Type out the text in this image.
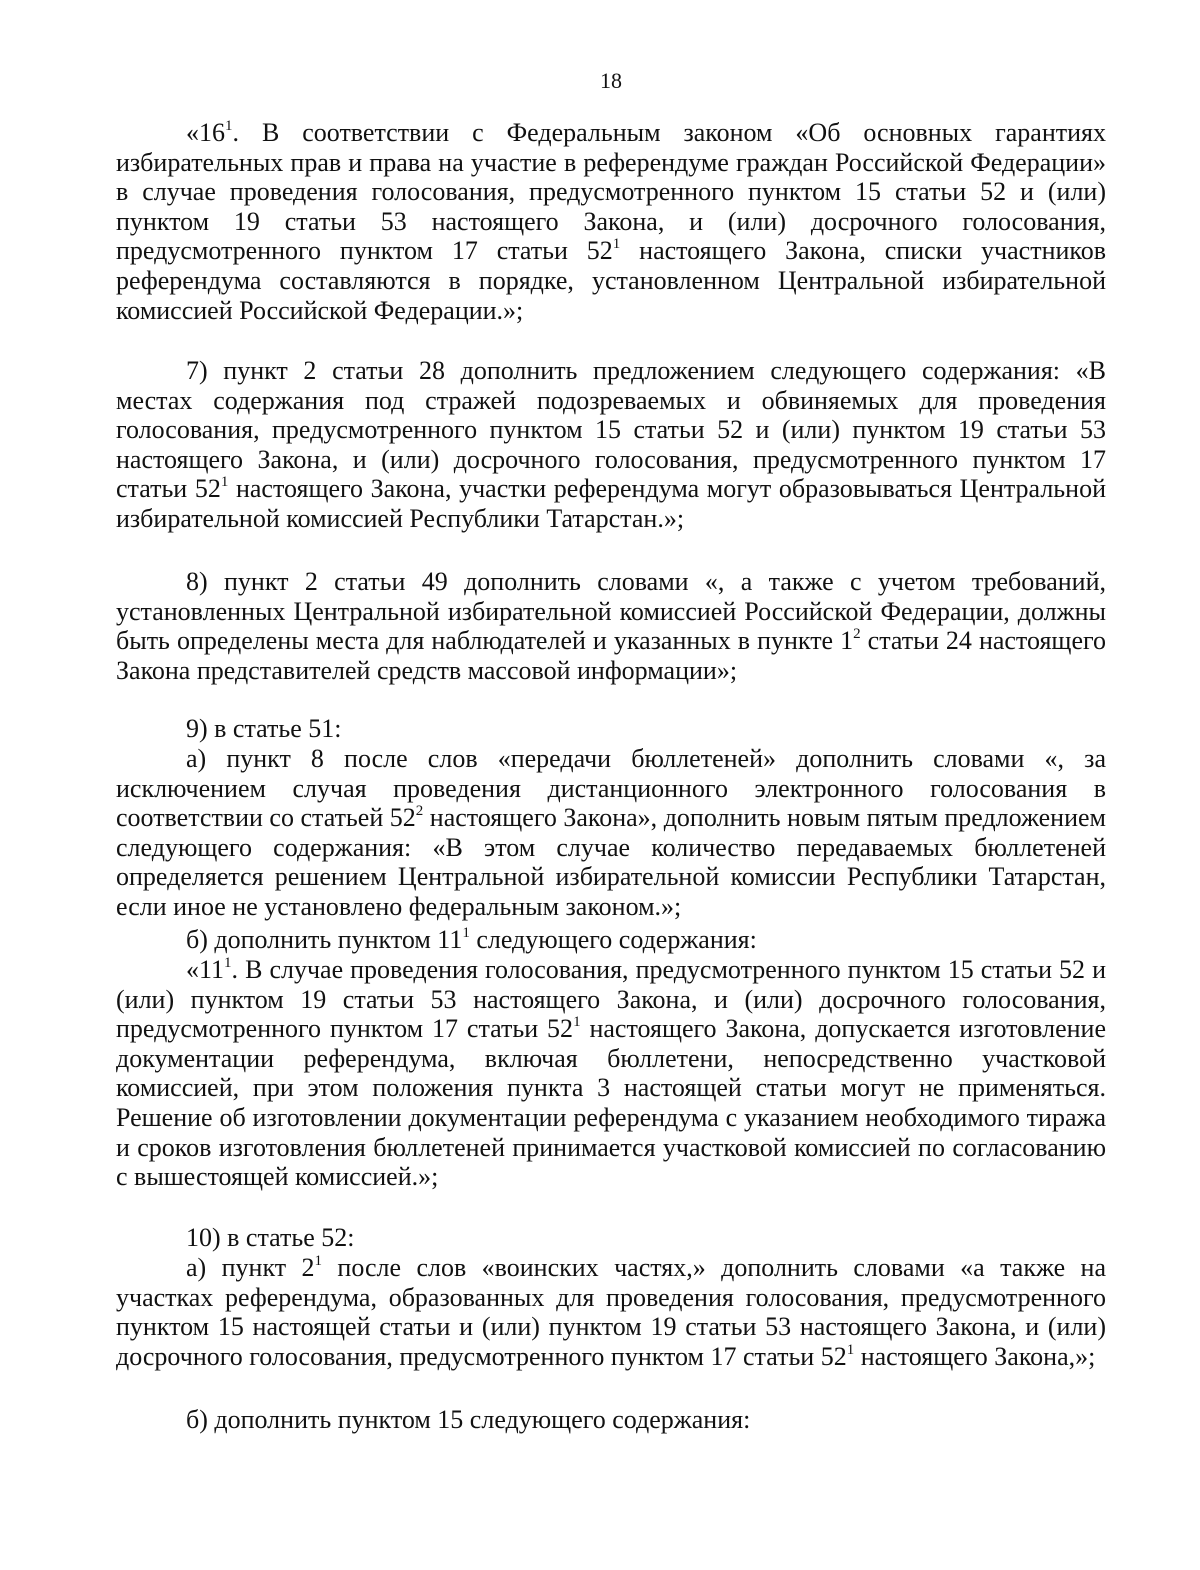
18

«$16^1$. В соответствии с Федеральным законом «Об основных гарантиях избирательных прав и права на участие в референдуме граждан Российской Федерации» в случае проведения голосования, предусмотренного пунктом 15 статьи 52 и (или) пунктом 19 статьи 53 настоящего Закона, и (или) досрочного голосования, предусмотренного пунктом 17 статьи $52^1$ настоящего Закона, списки участников референдума составляются в порядке, установленном Центральной избирательной комиссией Российской Федерации.»;

7) пункт 2 статьи 28 дополнить предложением следующего содержания: «В местах содержания под стражей подозреваемых и обвиняемых для проведения голосования, предусмотренного пунктом 15 статьи 52 и (или) пунктом 19 статьи 53 настоящего Закона, и (или) досрочного голосования, предусмотренного пунктом 17 статьи $52^1$ настоящего Закона, участки референдума могут образовываться Центральной избирательной комиссией Республики Татарстан.»;

8) пункт 2 статьи 49 дополнить словами «, а также с учетом требований, установленных Центральной избирательной комиссией Российской Федерации, должны быть определены места для наблюдателей и указанных в пункте $1^2$ статьи 24 настоящего Закона представителей средств массовой информации»;

9) в статье 51:

а) пункт 8 после слов «передачи бюллетеней» дополнить словами «, за исключением случая проведения дистанционного электронного голосования в соответствии со статьей $52^2$ настоящего Закона», дополнить новым пятым предложением следующего содержания: «В этом случае количество передаваемых бюллетеней определяется решением Центральной избирательной комиссии Республики Татарстан, если иное не установлено федеральным законом.»;

б) дополнить пунктом $11^1$ следующего содержания:

«$11^1$. В случае проведения голосования, предусмотренного пунктом 15 статьи 52 и (или) пунктом 19 статьи 53 настоящего Закона, и (или) досрочного голосования, предусмотренного пунктом 17 статьи $52^1$ настоящего Закона, допускается изготовление документации референдума, включая бюллетени, непосредственно участковой комиссией, при этом положения пункта 3 настоящей статьи могут не применяться. Решение об изготовлении документации референдума с указанием необходимого тиража и сроков изготовления бюллетеней принимается участковой комиссией по согласованию с вышестоящей комиссией.»;

10) в статье 52:

а) пункт $2^1$ после слов «воинских частях,» дополнить словами «а также на участках референдума, образованных для проведения голосования, предусмотренного пунктом 15 настоящей статьи и (или) пунктом 19 статьи 53 настоящего Закона, и (или) досрочного голосования, предусмотренного пунктом 17 статьи $52^1$ настоящего Закона,»;

б) дополнить пунктом 15 следующего содержания:
